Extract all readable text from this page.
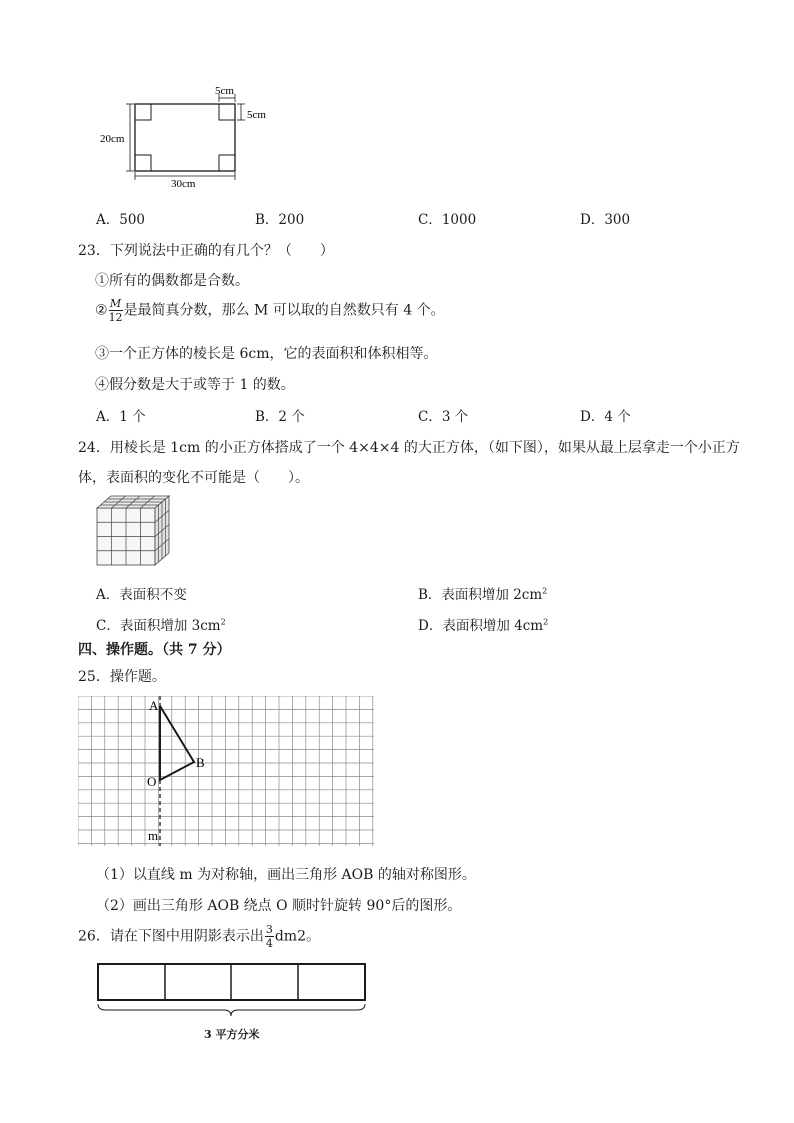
5cm
5cm
20cm
30cm
A．500	B．200	C．1000	D．300
23．下列说法中正确的有几个？（　　）
①所有的偶数都是合数。
② $\frac{M}{12}$ 是最简真分数，那么 M 可以取的自然数只有 4 个。
③一个正方体的棱长是 6cm，它的表面积和体积相等。
④假分数是大于或等于 1 的数。
A．1 个	B．2 个	C．3 个	D．4 个
24．用棱长是 1cm 的小正方体搭成了一个 4×4×4 的大正方体，（如下图），如果从最上层拿走一个小正方
体，表面积的变化不可能是（　　）。
A．表面积不变	B．表面积增加 $2cm^2$
C．表面积增加 $3cm^2$	D．表面积增加 $4cm^2$
四、操作题。（共 7 分）
25．操作题。
A
B
O
m
（1）以直线 m 为对称轴，画出三角形 AOB 的轴对称图形。
（2）画出三角形 AOB 绕点 O 顺时针旋转 90°后的图形。
26．请在下图中用阴影表示出 $\frac{3}{4} dm2$。
3 平方分米
